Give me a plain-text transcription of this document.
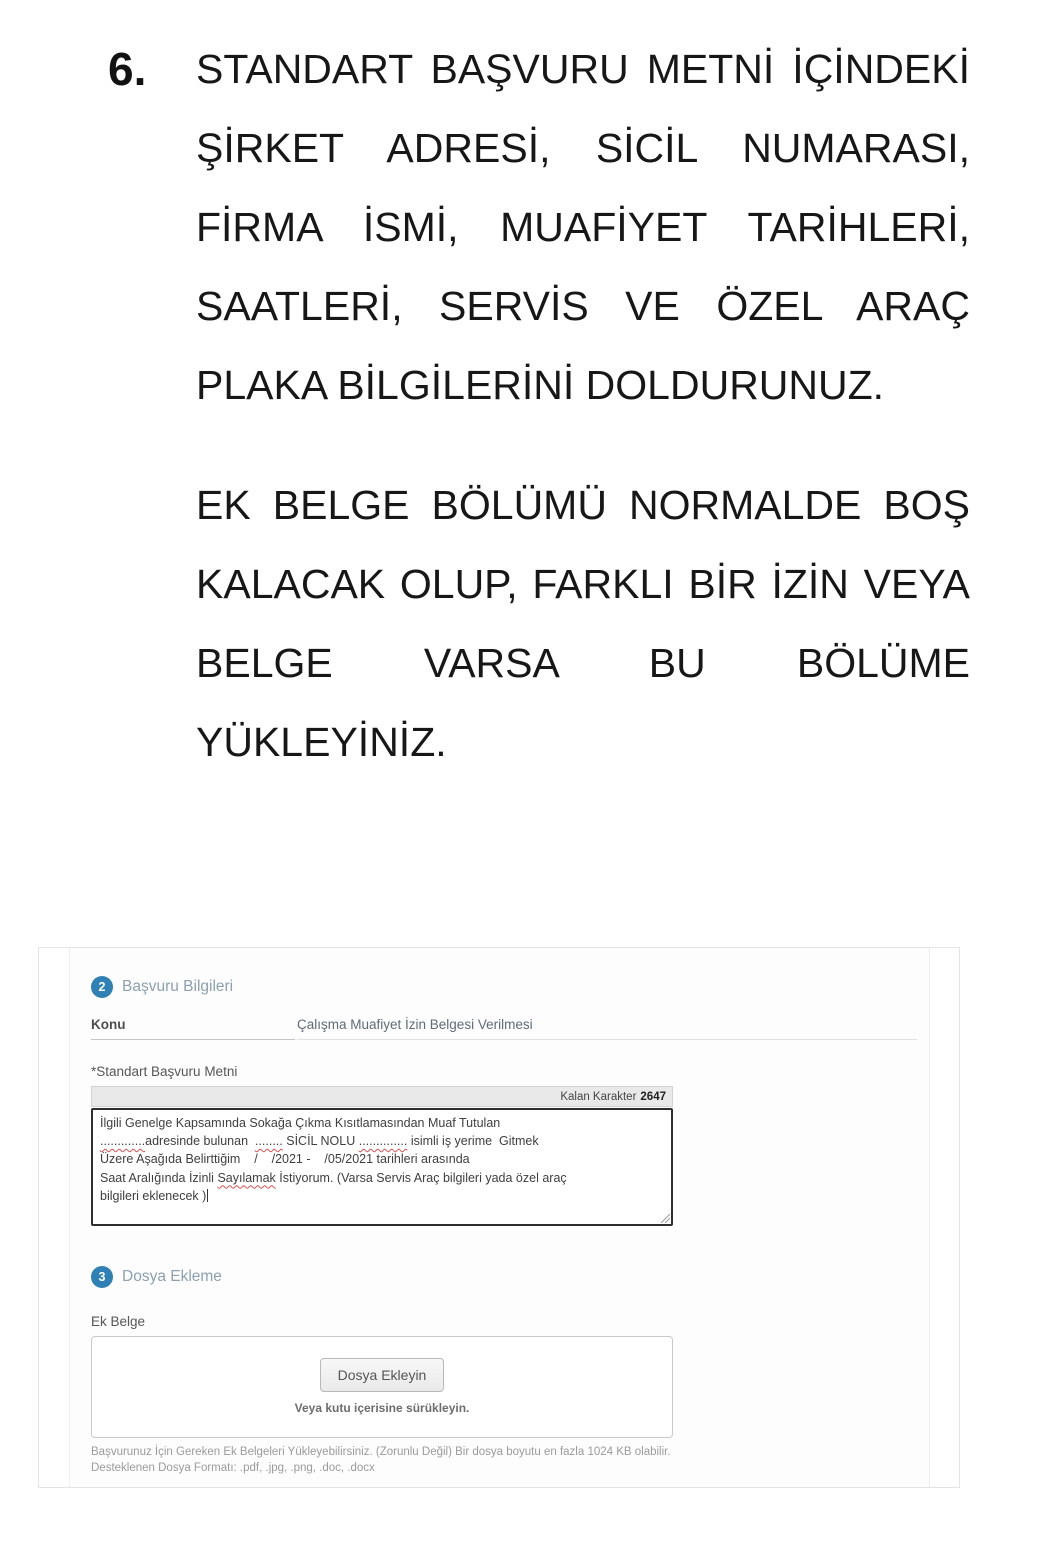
6.	STANDART BAŞVURU METNİ İÇİNDEKİ ŞİRKET ADRESİ, SİCİL NUMARASI, FİRMA İSMİ, MUAFİYET TARİHLERİ, SAATLERİ, SERVİS VE ÖZEL ARAÇ PLAKA BİLGİLERİNİ DOLDURUNUZ.
EK BELGE BÖLÜMÜ NORMALDE BOŞ KALACAK OLUP, FARKLI BİR İZİN VEYA BELGE VARSA BU BÖLÜME YÜKLEYİNİZ.
2	Başvuru Bilgileri
Konu	Çalışma Muafiyet İzin Belgesi Verilmesi
*Standart Başvuru Metni
Kalan Karakter 2647
İlgili Genelge Kapsamında Sokağa Çıkma Kısıtlamasından Muaf Tutulan
.............adresinde bulunan  ........ SİCİL NOLU .............. isimli iş yerime  Gitmek
Üzere Aşağıda Belirttiğim    /    /2021 -    /05/2021 tarihleri arasında
Saat Aralığında İzinli Sayılamak İstiyorum. (Varsa Servis Araç bilgileri yada özel araç
bilgileri eklenecek )
3	Dosya Ekleme
Ek Belge
Dosya Ekleyin
Veya kutu içerisine sürükleyin.
Başvurunuz İçin Gereken Ek Belgeleri Yükleyebilirsiniz. (Zorunlu Değil) Bir dosya boyutu en fazla 1024 KB olabilir. Desteklenen Dosya Formatı: .pdf, .jpg, .png, .doc, .docx
